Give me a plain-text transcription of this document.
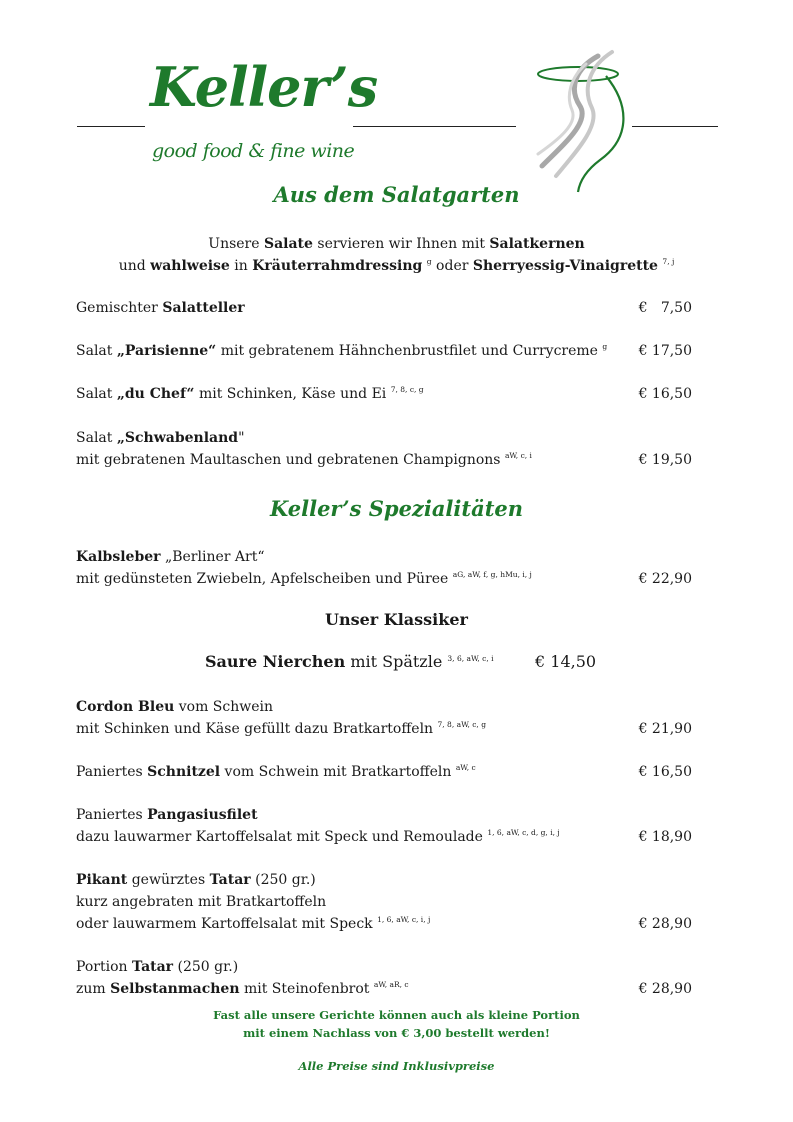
Keller’s
good food & fine wine
Aus dem Salatgarten
Unsere Salate servieren wir Ihnen mit Salatkernen
und wahlweise in Kräuterrahmdressing $^g$ oder Sherryessig-Vinaigrette $^{7, j}$
Gemischter Salatteller	€   7,50
Salat „Parisienne“ mit gebratenem Hähnchenbrustfilet und Currycreme $^g$ € 17,50
Salat „du Chef“ mit Schinken, Käse und Ei $^{7, 8, c, g}$	€ 16,50
Salat „Schwabenland"
mit gebratenen Maultaschen und gebratenen Champignons $^{aW, c, i}$	€ 19,50
Keller’s Spezialitäten
Kalbsleber „Berliner Art“
mit gedünsteten Zwiebeln, Apfelscheiben und Püree $^{aG, aW, f, g, hMu, i, j}$	€ 22,90
Unser Klassiker
Saure Nierchen mit Spätzle $^{3, 6, aW, c, i}$	€ 14,50
Cordon Bleu vom Schwein
mit Schinken und Käse gefüllt dazu Bratkartoffeln $^{7, 8, aW, c, g}$	€ 21,90
Paniertes Schnitzel vom Schwein mit Bratkartoffeln $^{aW, c}$	€ 16,50
Paniertes Pangasiusfilet
dazu lauwarmer Kartoffelsalat mit Speck und Remoulade $^{1, 6, aW, c, d, g, i, j}$	€ 18,90
Pikant gewürztes Tatar (250 gr.)
kurz angebraten mit Bratkartoffeln
oder lauwarmem Kartoffelsalat mit Speck $^{1, 6, aW, c, i, j}$	€ 28,90
Portion Tatar (250 gr.)
zum Selbstanmachen mit Steinofenbrot $^{aW, aR, c}$	€ 28,90
Fast alle unsere Gerichte können auch als kleine Portion
mit einem Nachlass von € 3,00 bestellt werden!
Alle Preise sind Inklusivpreise
